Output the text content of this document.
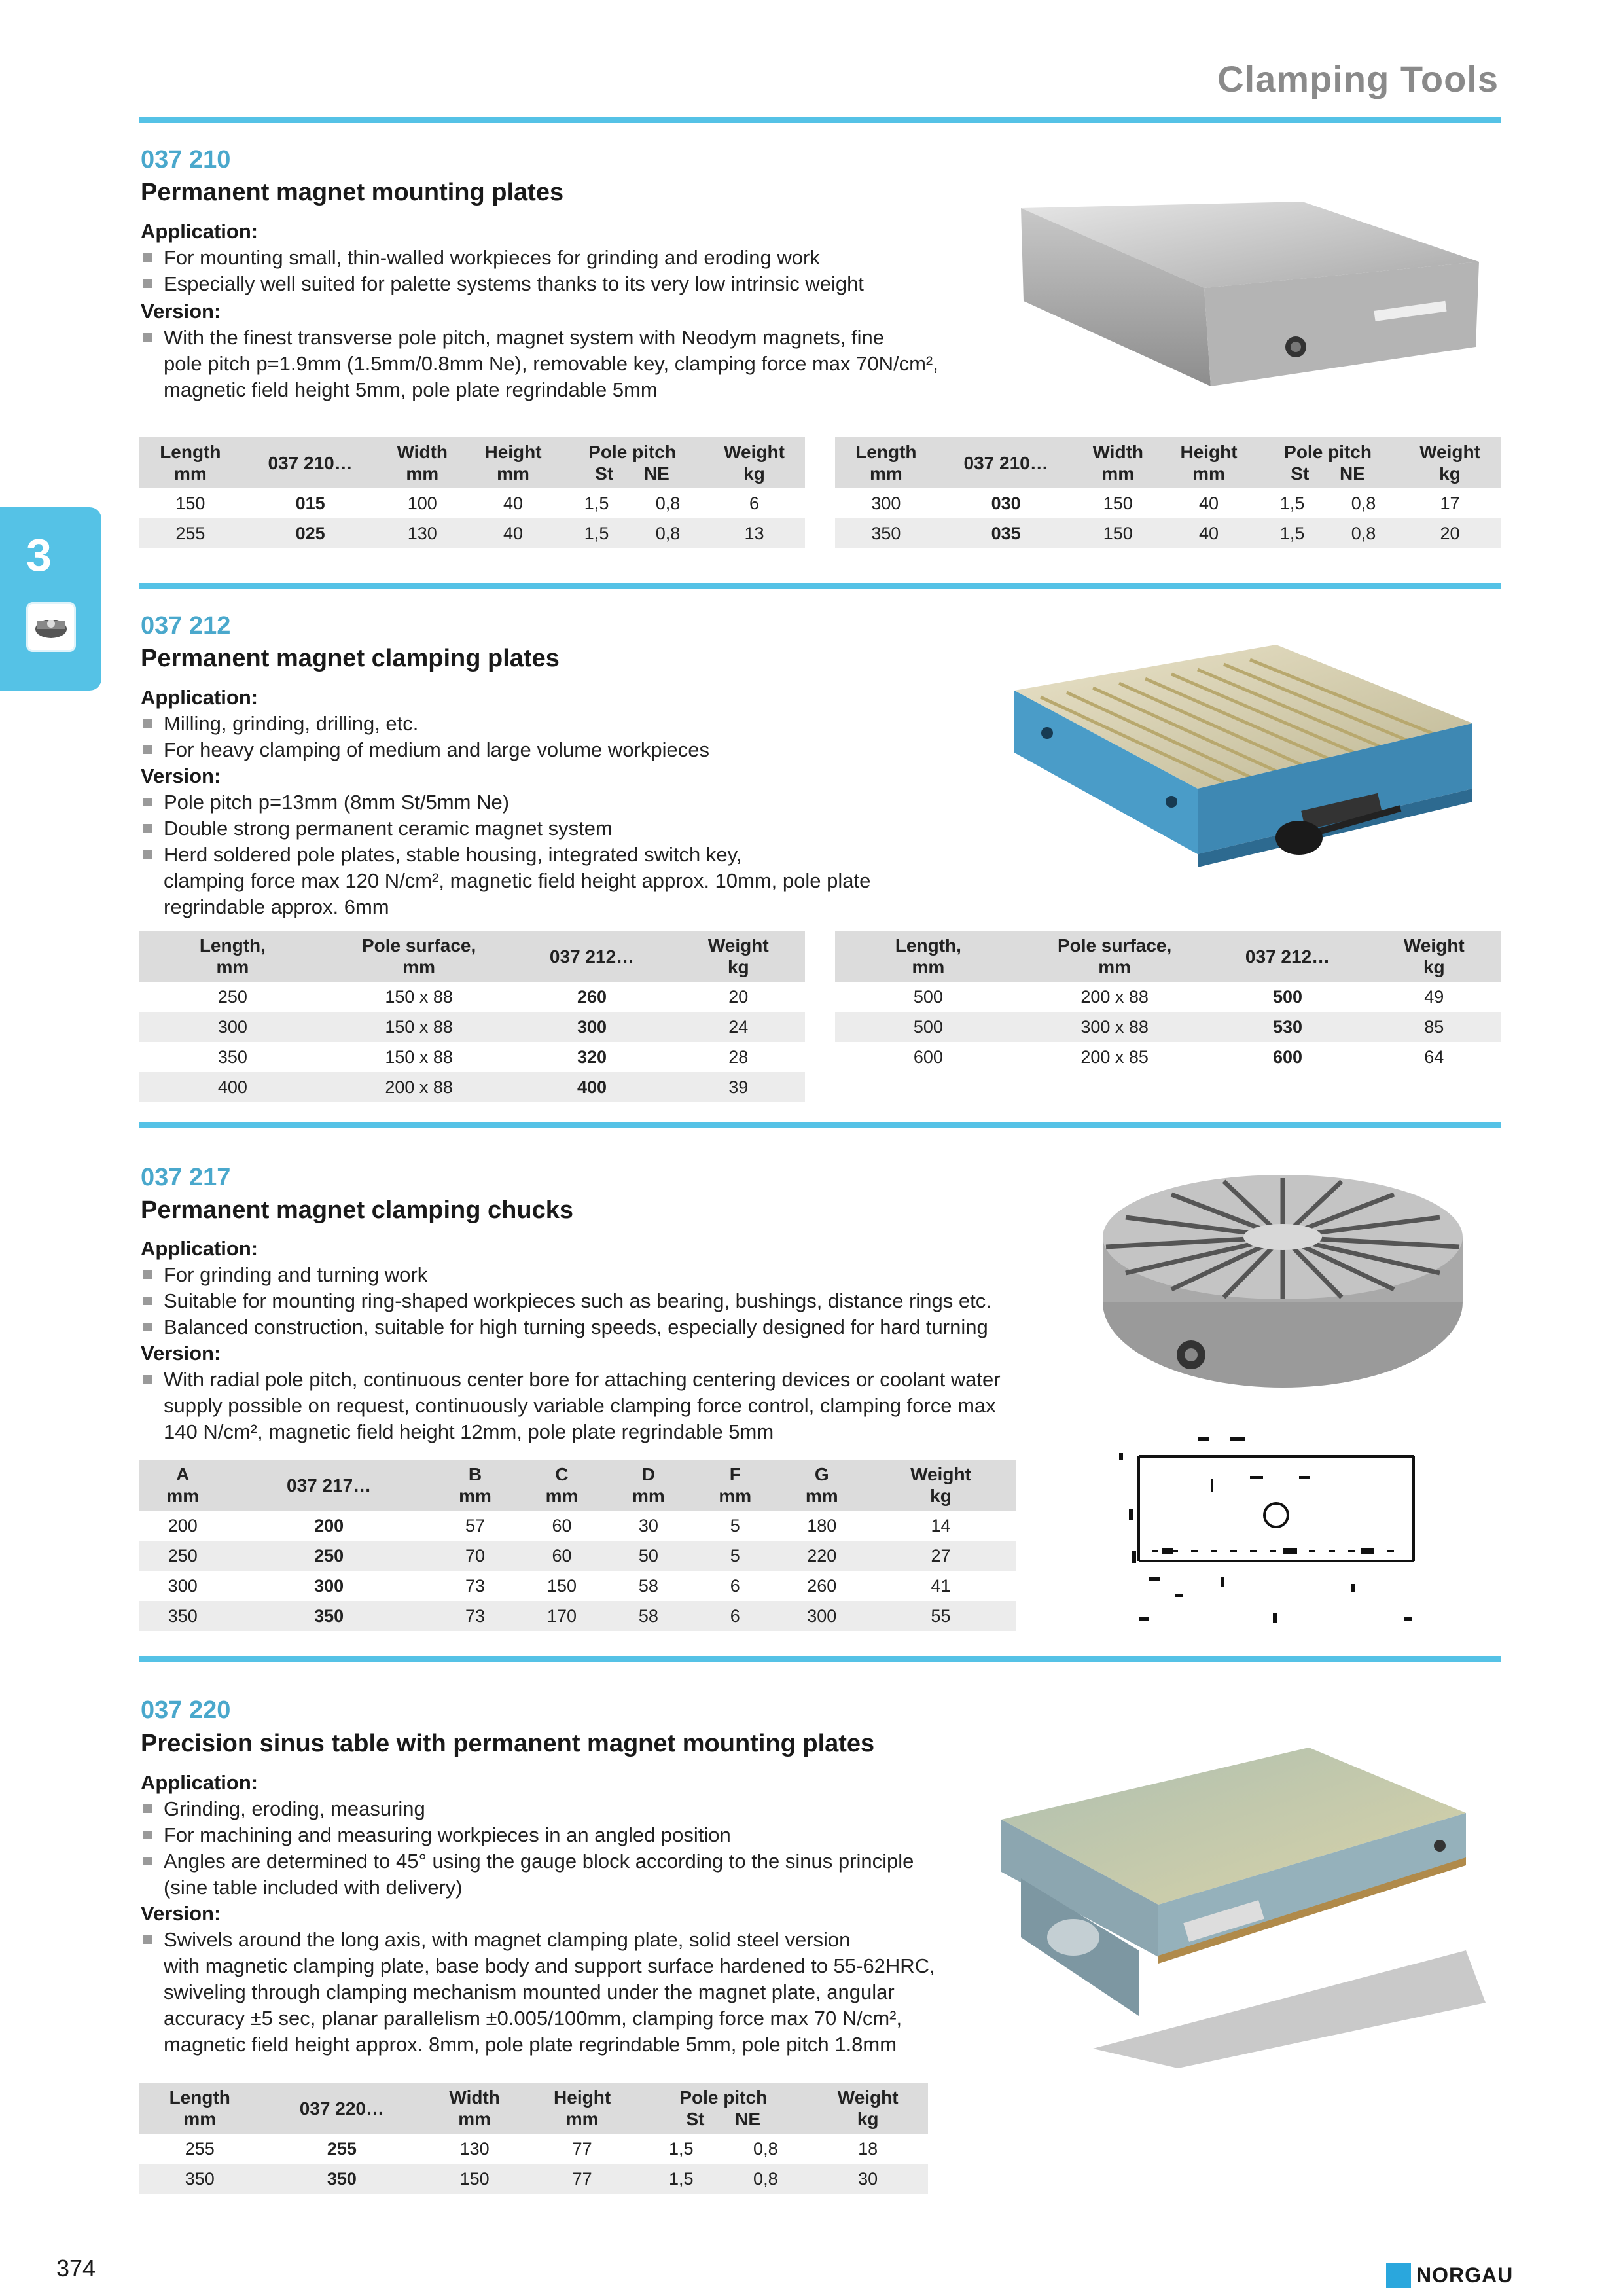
Clamping Tools
3
037 210
Permanent magnet mounting plates
Application:
For mounting small, thin-walled workpieces for grinding and eroding work
Especially well suited for palette systems thanks to its very low intrinsic weight
Version:
With the finest transverse pole pitch, magnet system with Neodym magnets, fine
pole pitch p=1.9mm (1.5mm/0.8mm Ne), removable key, clamping force max 70N/cm²,
magnetic field height 5mm, pole plate regrindable 5mm
Length
mm	037 210…	Width
mm	Height
mm	Pole pitch
St NE		Weight
kg
150	015	100	40	1,5	0,8	6
255	025	130	40	1,5	0,8	13
Length
mm	037 210…	Width
mm	Height
mm	Pole pitch
St NE		Weight
kg
300	030	150	40	1,5	0,8	17
350	035	150	40	1,5	0,8	20
037 212
Permanent magnet clamping plates
Application:
Milling, grinding, drilling, etc.
For heavy clamping of medium and large volume workpieces
Version:
Pole pitch p=13mm (8mm St/5mm Ne)
Double strong permanent ceramic magnet system
Herd soldered pole plates, stable housing, integrated switch key,
clamping force max 120 N/cm², magnetic field height approx. 10mm, pole plate
regrindable approx. 6mm
Length,
mm	Pole surface,
mm	037 212…	Weight
kg
250	150 x 88	260	20
300	150 x 88	300	24
350	150 x 88	320	28
400	200 x 88	400	39
Length,
mm	Pole surface,
mm	037 212…	Weight
kg
500	200 x 88	500	49
500	300 x 88	530	85
600	200 x 85	600	64
037 217
Permanent magnet clamping chucks
Application:
For grinding and turning work
Suitable for mounting ring-shaped workpieces such as bearing, bushings, distance rings etc.
Balanced construction, suitable for high turning speeds, especially designed for hard turning
Version:
With radial pole pitch, continuous center bore for attaching centering devices or coolant water
supply possible on request, continuously variable clamping force control, clamping force max
140 N/cm², magnetic field height 12mm, pole plate regrindable 5mm
A
mm	037 217…	B
mm	C
mm	D
mm	F
mm	G
mm	Weight
kg
200	200	57	60	30	5	180	14
250	250	70	60	50	5	220	27
300	300	73	150	58	6	260	41
350	350	73	170	58	6	300	55
037 220
Precision sinus table with permanent magnet mounting plates
Application:
Grinding, eroding, measuring
For machining and measuring workpieces in an angled position
Angles are determined to 45° using the gauge block according to the sinus principle
(sine table included with delivery)
Version:
Swivels around the long axis, with magnet clamping plate, solid steel version
with magnetic clamping plate, base body and support surface hardened to 55-62HRC,
swiveling through clamping mechanism mounted under the magnet plate, angular
accuracy ±5 sec, planar parallelism ±0.005/100mm, clamping force max 70 N/cm²,
magnetic field height approx. 8mm, pole plate regrindable 5mm, pole pitch 1.8mm
Length
mm	037 220…	Width
mm	Height
mm	Pole pitch
St NE		Weight
kg
255	255	130	77	1,5	0,8	18
350	350	150	77	1,5	0,8	30
374	NORGAU
